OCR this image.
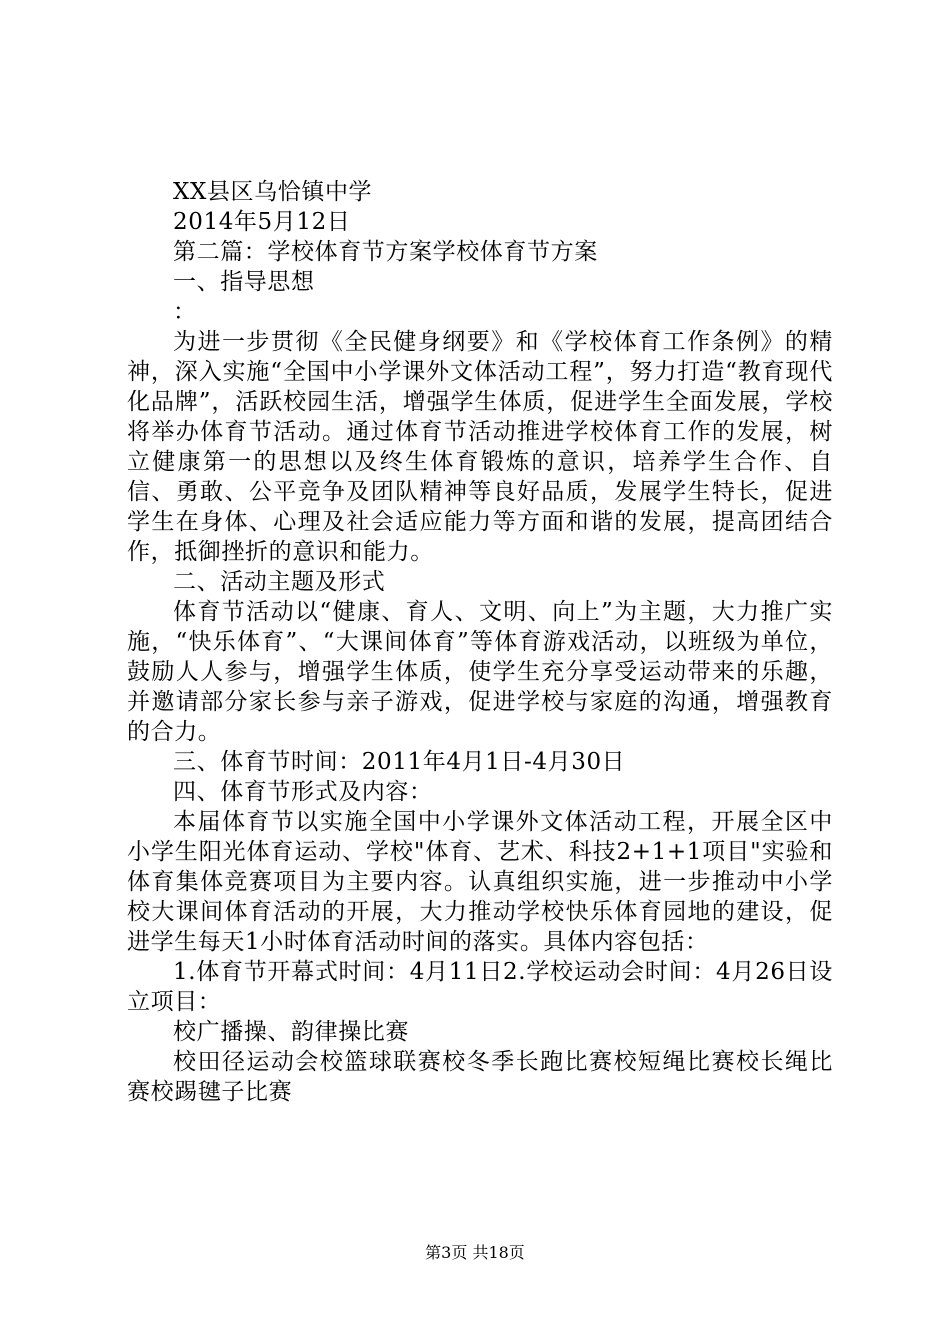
XX县区乌恰镇中学

2014年5月12日

第二篇：学校体育节方案学校体育节方案

一、指导思想

：

为进一步贯彻《全民健身纲要》和《学校体育工作条例》的精神，深入实施“全国中小学课外文体活动工程”，努力打造“教育现代化品牌”，活跃校园生活，增强学生体质，促进学生全面发展，学校将举办体育节活动。通过体育节活动推进学校体育工作的发展，树立健康第一的思想以及终生体育锻炼的意识，培养学生合作、自信、勇敢、公平竞争及团队精神等良好品质，发展学生特长，促进学生在身体、心理及社会适应能力等方面和谐的发展，提高团结合作，抵御挫折的意识和能力。

二、活动主题及形式

体育节活动以“健康、育人、文明、向上”为主题，大力推广实施，“快乐体育”、“大课间体育”等体育游戏活动，以班级为单位，鼓励人人参与，增强学生体质，使学生充分享受运动带来的乐趣，并邀请部分家长参与亲子游戏，促进学校与家庭的沟通，增强教育的合力。

三、体育节时间：2011年4月1日-4月30日

四、体育节形式及内容：

本届体育节以实施全国中小学课外文体活动工程，开展全区中小学生阳光体育运动、学校"体育、艺术、科技2+1+1项目"实验和体育集体竞赛项目为主要内容。认真组织实施，进一步推动中小学校大课间体育活动的开展，大力推动学校快乐体育园地的建设，促进学生每天1小时体育活动时间的落实。具体内容包括：

1.体育节开幕式时间：4月11日2.学校运动会时间：4月26日设立项目：

校广播操、韵律操比赛

校田径运动会校篮球联赛校冬季长跑比赛校短绳比赛校长绳比赛校踢毽子比赛

第3页 共18页
